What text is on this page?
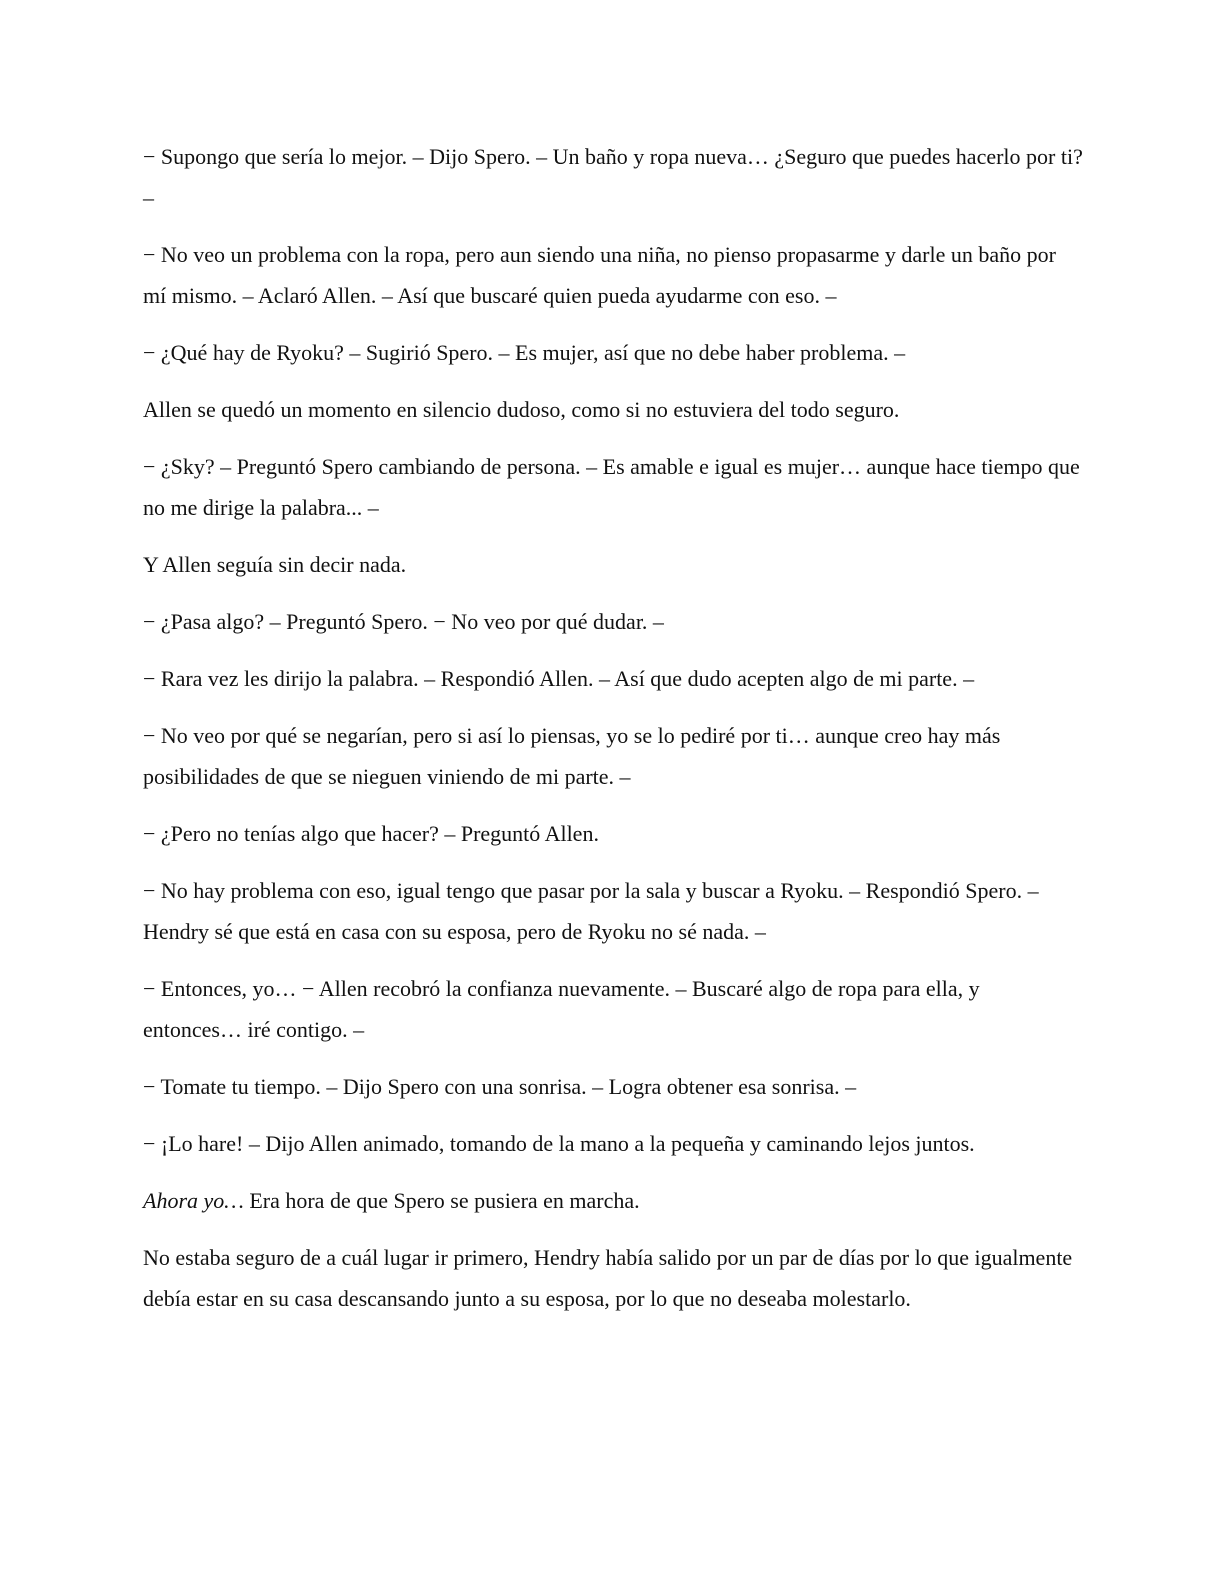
− Supongo que sería lo mejor. – Dijo Spero. – Un baño y ropa nueva… ¿Seguro que puedes hacerlo por ti? –

− No veo un problema con la ropa, pero aun siendo una niña, no pienso propasarme y darle un baño por mí mismo. – Aclaró Allen. – Así que buscaré quien pueda ayudarme con eso. –

− ¿Qué hay de Ryoku? – Sugirió Spero. – Es mujer, así que no debe haber problema. –

Allen se quedó un momento en silencio dudoso, como si no estuviera del todo seguro.

− ¿Sky? – Preguntó Spero cambiando de persona. – Es amable e igual es mujer… aunque hace tiempo que no me dirige la palabra... –

Y Allen seguía sin decir nada.

− ¿Pasa algo? – Preguntó Spero. − No veo por qué dudar. –

− Rara vez les dirijo la palabra. – Respondió Allen. – Así que dudo acepten algo de mi parte. –

− No veo por qué se negarían, pero si así lo piensas, yo se lo pediré por ti… aunque creo hay más posibilidades de que se nieguen viniendo de mi parte. –

− ¿Pero no tenías algo que hacer? – Preguntó Allen.

− No hay problema con eso, igual tengo que pasar por la sala y buscar a Ryoku. – Respondió Spero. – Hendry sé que está en casa con su esposa, pero de Ryoku no sé nada. –

− Entonces, yo… − Allen recobró la confianza nuevamente. – Buscaré algo de ropa para ella, y entonces… iré contigo. –

− Tomate tu tiempo. – Dijo Spero con una sonrisa. – Logra obtener esa sonrisa. –

− ¡Lo hare! – Dijo Allen animado, tomando de la mano a la pequeña y caminando lejos juntos.

Ahora yo… Era hora de que Spero se pusiera en marcha.

No estaba seguro de a cuál lugar ir primero, Hendry había salido por un par de días por lo que igualmente debía estar en su casa descansando junto a su esposa, por lo que no deseaba molestarlo.
